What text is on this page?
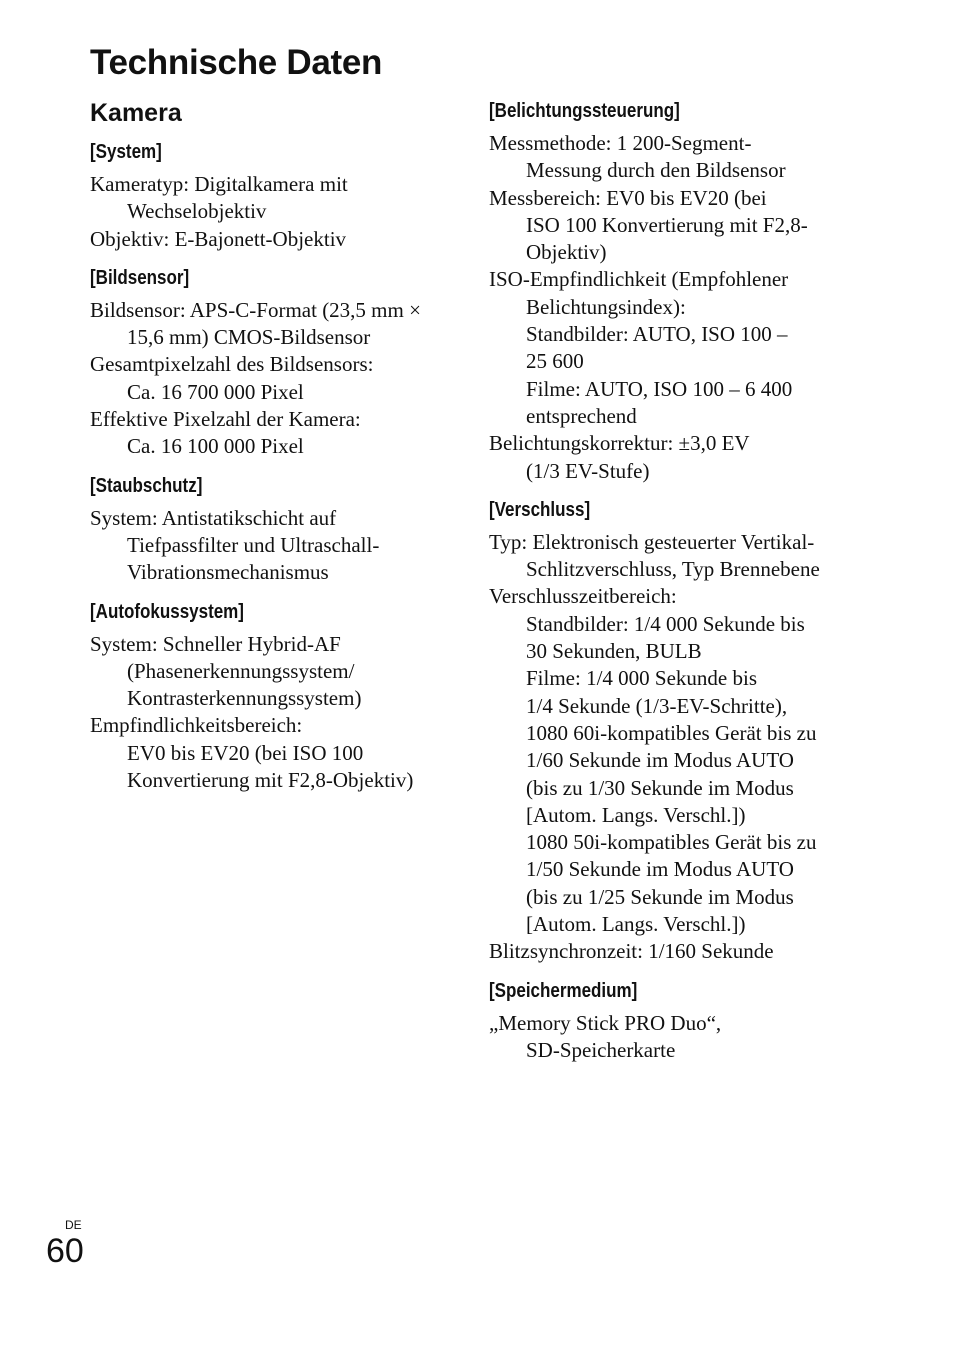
Technische Daten
Kamera
[System]

Kameratyp: Digitalkamera mit
Wechselobjektiv
Objektiv: E-Bajonett-Objektiv

[Bildsensor]

Bildsensor: APS-C-Format (23,5 mm ×
15,6 mm) CMOS-Bildsensor
Gesamtpixelzahl des Bildsensors:
Ca. 16 700 000 Pixel
Effektive Pixelzahl der Kamera:
Ca. 16 100 000 Pixel

[Staubschutz]

System: Antistatikschicht auf
Tiefpassfilter und Ultraschall-
Vibrationsmechanismus

[Autofokussystem]

System: Schneller Hybrid-AF
(Phasenerkennungssystem/
Kontrasterkennungssystem)
Empfindlichkeitsbereich:
EV0 bis EV20 (bei ISO 100
Konvertierung mit F2,8-Objektiv)

[Belichtungssteuerung]

Messmethode: 1 200-Segment-
Messung durch den Bildsensor
Messbereich: EV0 bis EV20 (bei
ISO 100 Konvertierung mit F2,8-
Objektiv)
ISO-Empfindlichkeit (Empfohlener
Belichtungsindex):
Standbilder: AUTO, ISO 100 –
25 600
Filme: AUTO, ISO 100 – 6 400
entsprechend
Belichtungskorrektur: ±3,0 EV
(1/3 EV-Stufe)

[Verschluss]

Typ: Elektronisch gesteuerter Vertikal-
Schlitzverschluss, Typ Brennebene
Verschlusszeitbereich:
Standbilder: 1/4 000 Sekunde bis
30 Sekunden, BULB
Filme: 1/4 000 Sekunde bis
1/4 Sekunde (1/3-EV-Schritte),
1080 60i-kompatibles Gerät bis zu
1/60 Sekunde im Modus AUTO
(bis zu 1/30 Sekunde im Modus
[Autom. Langs. Verschl.])
1080 50i-kompatibles Gerät bis zu
1/50 Sekunde im Modus AUTO
(bis zu 1/25 Sekunde im Modus
[Autom. Langs. Verschl.])
Blitzsynchronzeit: 1/160 Sekunde

[Speichermedium]

„Memory Stick PRO Duo“,
SD-Speicherkarte

DE
60
